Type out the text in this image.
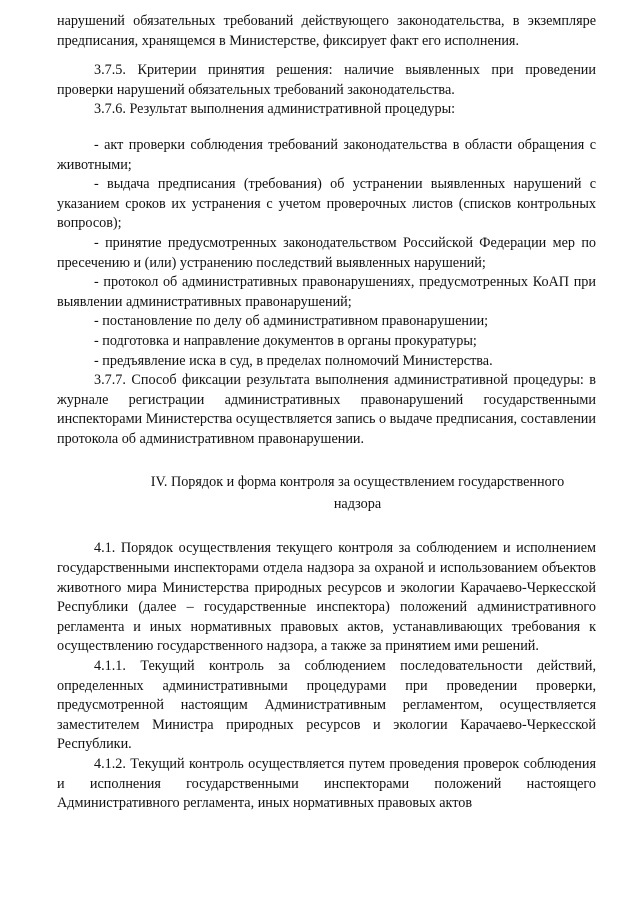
нарушений обязательных требований действующего законодательства, в экземпляре предписания, хранящемся в Министерстве, фиксирует факт его исполнения.

3.7.5. Критерии принятия решения: наличие выявленных при проведении проверки нарушений обязательных требований законодательства.

3.7.6. Результат выполнения административной процедуры:

- акт проверки соблюдения требований законодательства в области обращения с животными;

- выдача предписания (требования) об устранении выявленных нарушений с указанием сроков их устранения с учетом проверочных листов (списков контрольных вопросов);

- принятие предусмотренных законодательством Российской Федерации мер по пресечению и (или) устранению последствий выявленных нарушений;

- протокол об административных правонарушениях, предусмотренных КоАП при выявлении административных правонарушений;

- постановление по делу об административном правонарушении;

- подготовка и направление документов в органы прокуратуры;

- предъявление иска в суд, в пределах полномочий Министерства.

3.7.7. Способ фиксации результата выполнения административной процедуры: в журнале регистрации административных правонарушений государственными инспекторами Министерства осуществляется запись о выдаче предписания, составлении протокола об административном правонарушении.

IV. Порядок и форма контроля за осуществлением государственного
надзора

4.1. Порядок осуществления текущего контроля за соблюдением и исполнением государственными инспекторами отдела надзора за охраной и использованием объектов животного мира Министерства природных ресурсов и экологии Карачаево-Черкесской Республики (далее – государственные инспектора) положений административного регламента и иных нормативных правовых актов, устанавливающих требования к осуществлению государственного надзора, а также за принятием ими решений.

4.1.1. Текущий контроль за соблюдением последовательности действий, определенных административными процедурами при проведении проверки, предусмотренной настоящим Административным регламентом, осуществляется заместителем Министра природных ресурсов и экологии Карачаево-Черкесской Республики.

4.1.2. Текущий контроль осуществляется путем проведения проверок соблюдения и исполнения государственными инспекторами положений настоящего Административного регламента, иных нормативных правовых актов
